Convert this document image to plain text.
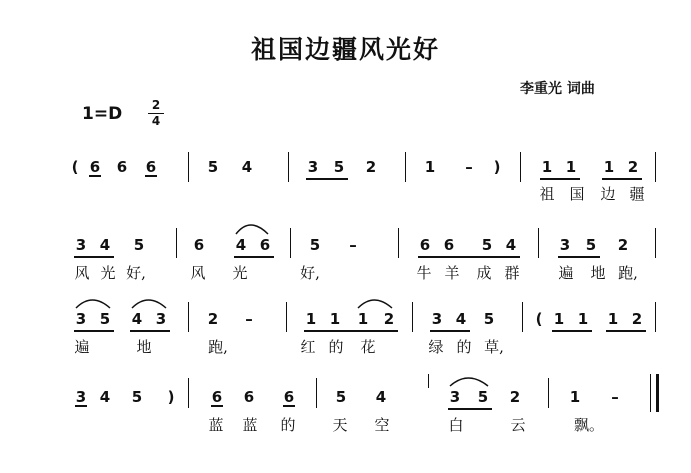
祖国边疆风光好
李重光 词曲
1=D	2
4
( 6 6 6	5 4	3 5 2	1	–	)	1 1 1 2
祖 国	边 疆
3 4 5	6 4 6	5	–	6 6 5 4	3 5 2
风 光 好,	风	光	好,	牛 羊	成 群	遍	地 跑,
3 5 4 3	2	–	1 1 1 2	3 4 5	( 1 1 1 2
遍	地	跑,	红 的	花	绿 的 草,
3 4 5	)	6 6 6	5 4	3 5 2	1	–
蓝	蓝	的	天	空	白	云	飘。
